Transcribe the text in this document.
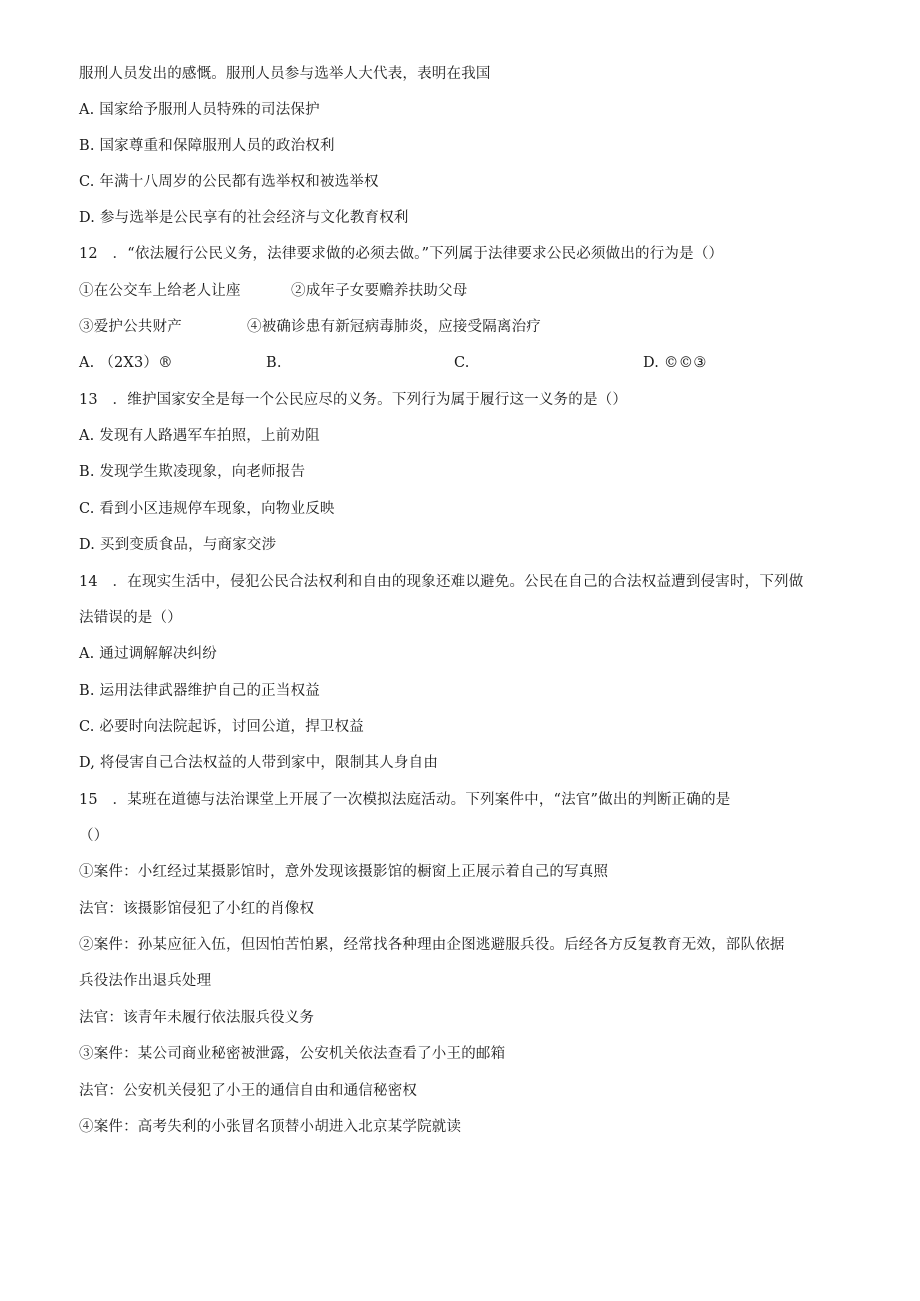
服刑人员发出的感慨。服刑人员参与选举人大代表，表明在我国
A. 国家给予服刑人员特殊的司法保护
B. 国家尊重和保障服刑人员的政治权利
C. 年满十八周岁的公民都有选举权和被选举权
D. 参与选举是公民享有的社会经济与文化教育权利
12　．“依法履行公民义务，法律要求做的必须去做。”下列属于法律要求公民必须做出的行为是（）
①在公交车上给老人让座	②成年子女要赡养扶助父母
③爱护公共财产	④被确诊患有新冠病毒肺炎，应接受隔离治疗
A. （2X3）®	B.	C.	D. ©©③
13　．维护国家安全是每一个公民应尽的义务。下列行为属于履行这一义务的是（）
A. 发现有人路遇军车拍照，上前劝阻
B. 发现学生欺凌现象，向老师报告
C. 看到小区违规停车现象，向物业反映
D. 买到变质食品，与商家交涉
14　．在现实生活中，侵犯公民合法权利和自由的现象还难以避免。公民在自己的合法权益遭到侵害时，下列做
法错误的是（）
A. 通过调解解决纠纷
B. 运用法律武器维护自己的正当权益
C. 必要时向法院起诉，讨回公道，捍卫权益
D, 将侵害自己合法权益的人带到家中，限制其人身自由
15　．某班在道德与法治课堂上开展了一次模拟法庭活动。下列案件中，“法官”做出的判断正确的是
（）
①案件：小红经过某摄影馆时，意外发现该摄影馆的橱窗上正展示着自己的写真照
法官：该摄影馆侵犯了小红的肖像权
②案件：孙某应征入伍，但因怕苦怕累，经常找各种理由企图逃避服兵役。后经各方反复教育无效，部队依据
兵役法作出退兵处理
法官：该青年未履行依法服兵役义务
③案件：某公司商业秘密被泄露，公安机关依法查看了小王的邮箱
法官：公安机关侵犯了小王的通信自由和通信秘密权
④案件：高考失利的小张冒名顶替小胡进入北京某学院就读
